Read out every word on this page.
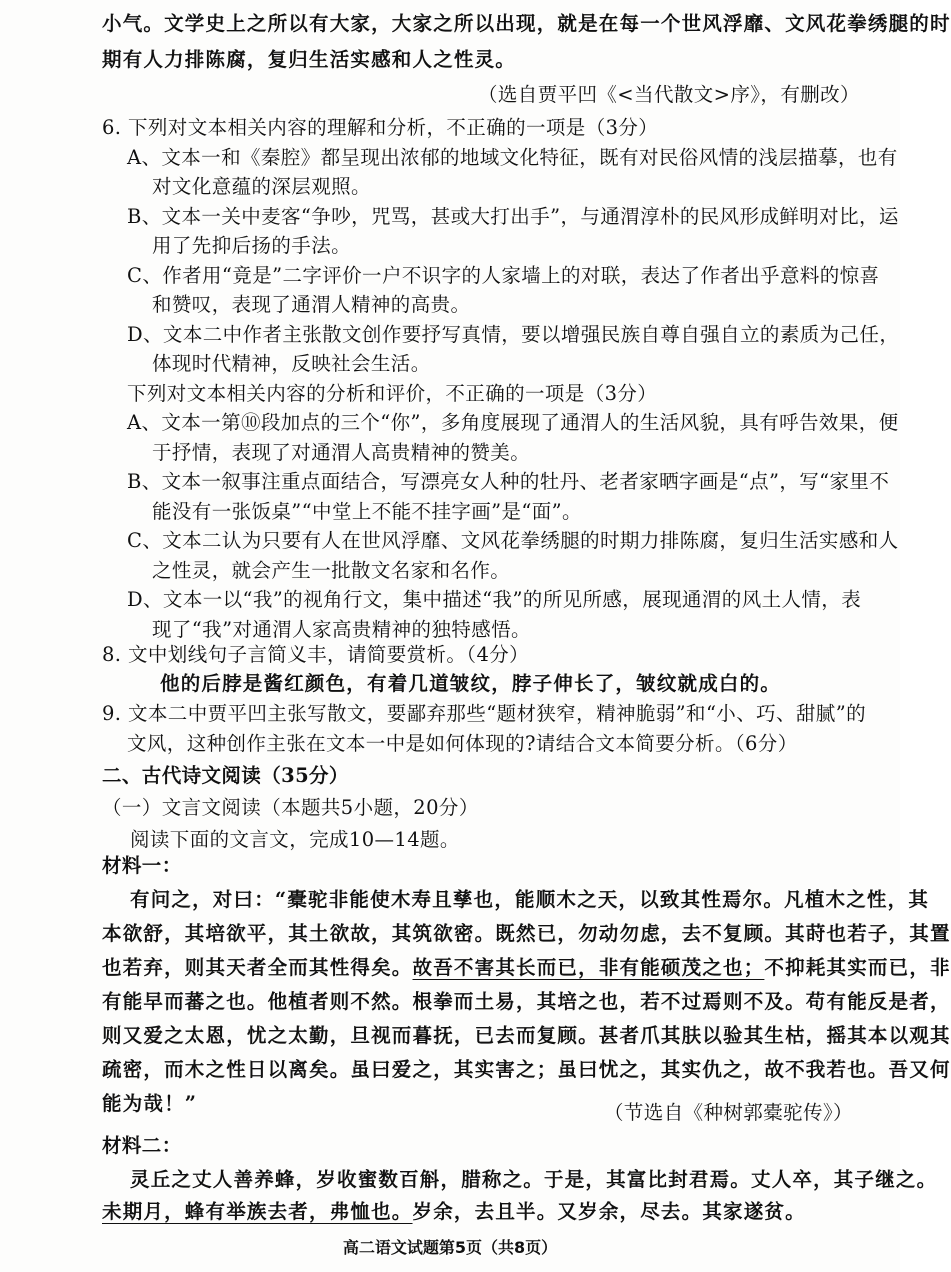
小气。文学史上之所以有大家，大家之所以出现，就是在每一个世风浮靡、文风花拳绣腿的时
期有人力排陈腐，复归生活实感和人之性灵。
（选自贾平凹《<当代散文>序》，有删改）
6. 下列对文本相关内容的理解和分析，不正确的一项是（3分）
A、文本一和《秦腔》都呈现出浓郁的地域文化特征，既有对民俗风情的浅层描摹，也有
对文化意蕴的深层观照。
B、文本一关中麦客“争吵，咒骂，甚或大打出手”，与通渭淳朴的民风形成鲜明对比，运
用了先抑后扬的手法。
C、作者用“竟是”二字评价一户不识字的人家墙上的对联，表达了作者出乎意料的惊喜
和赞叹，表现了通渭人精神的高贵。
D、文本二中作者主张散文创作要抒写真情，要以增强民族自尊自强自立的素质为己任，
体现时代精神，反映社会生活。
下列对文本相关内容的分析和评价，不正确的一项是（3分）
A、文本一第⑩段加点的三个“你”，多角度展现了通渭人的生活风貌，具有呼告效果，便
于抒情，表现了对通渭人高贵精神的赞美。
B、文本一叙事注重点面结合，写漂亮女人种的牡丹、老者家晒字画是“点”，写“家里不
能没有一张饭桌”“中堂上不能不挂字画”是“面”。
C、文本二认为只要有人在世风浮靡、文风花拳绣腿的时期力排陈腐，复归生活实感和人
之性灵，就会产生一批散文名家和名作。
D、文本一以“我”的视角行文，集中描述“我”的所见所感，展现通渭的风土人情，表
现了“我”对通渭人家高贵精神的独特感悟。
8. 文中划线句子言简义丰，请简要赏析。（4分）
他的后脖是酱红颜色，有着几道皱纹，脖子伸长了，皱纹就成白的。
9. 文本二中贾平凹主张写散文，要鄙弃那些“题材狭窄，精神脆弱”和“小、巧、甜腻”的
文风，这种创作主张在文本一中是如何体现的?请结合文本简要分析。（6分）
二、古代诗文阅读（35分）
（一）文言文阅读（本题共5小题，20分）
阅读下面的文言文，完成10—14题。
材料一：
有问之，对曰：“橐驼非能使木寿且孳也，能顺木之天，以致其性焉尔。凡植木之性，其
本欲舒，其培欲平，其土欲故，其筑欲密。既然已，勿动勿虑，去不复顾。其莳也若子，其置
也若弃，则其天者全而其性得矣。故吾不害其长而已，非有能硕茂之也；不抑耗其实而已，非
有能早而蕃之也。他植者则不然。根拳而土易，其培之也，若不过焉则不及。苟有能反是者，
则又爱之太恩，忧之太勤，旦视而暮抚，已去而复顾。甚者爪其肤以验其生枯，摇其本以观其
疏密，而木之性日以离矣。虽曰爱之，其实害之；虽曰忧之，其实仇之，故不我若也。吾又何
能为哉！”	（节选自《种树郭橐驼传》）
材料二：
灵丘之丈人善养蜂，岁收蜜数百斛，腊称之。于是，其富比封君焉。丈人卒，其子继之。
未期月，蜂有举族去者，弗恤也。岁余，去且半。又岁余，尽去。其家遂贫。
高二语文试题第5页（共8页）
